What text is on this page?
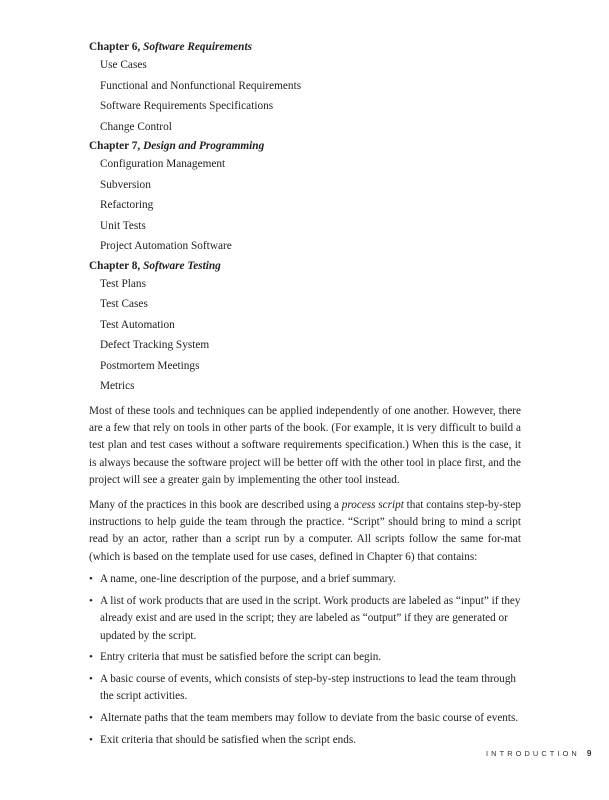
Chapter 6, Software Requirements
Use Cases
Functional and Nonfunctional Requirements
Software Requirements Specifications
Change Control
Chapter 7, Design and Programming
Configuration Management
Subversion
Refactoring
Unit Tests
Project Automation Software
Chapter 8, Software Testing
Test Plans
Test Cases
Test Automation
Defect Tracking System
Postmortem Meetings
Metrics

Most of these tools and techniques can be applied independently of one another. However, there are a few that rely on tools in other parts of the book. (For example, it is very difficult to build a test plan and test cases without a software requirements specification.) When this is the case, it is always because the software project will be better off with the other tool in place first, and the project will see a greater gain by implementing the other tool instead.

Many of the practices in this book are described using a process script that contains step-by-step instructions to help guide the team through the practice. “Script” should bring to mind a script read by an actor, rather than a script run by a computer. All scripts follow the same for-mat (which is based on the template used for use cases, defined in Chapter 6) that contains:

• A name, one-line description of the purpose, and a brief summary.
• A list of work products that are used in the script. Work products are labeled as “input” if they already exist and are used in the script; they are labeled as “output” if they are generated or updated by the script.
• Entry criteria that must be satisfied before the script can begin.
• A basic course of events, which consists of step-by-step instructions to lead the team through the script activities.
• Alternate paths that the team members may follow to deviate from the basic course of events.
• Exit criteria that should be satisfied when the script ends.
INTRODUCTION 9
